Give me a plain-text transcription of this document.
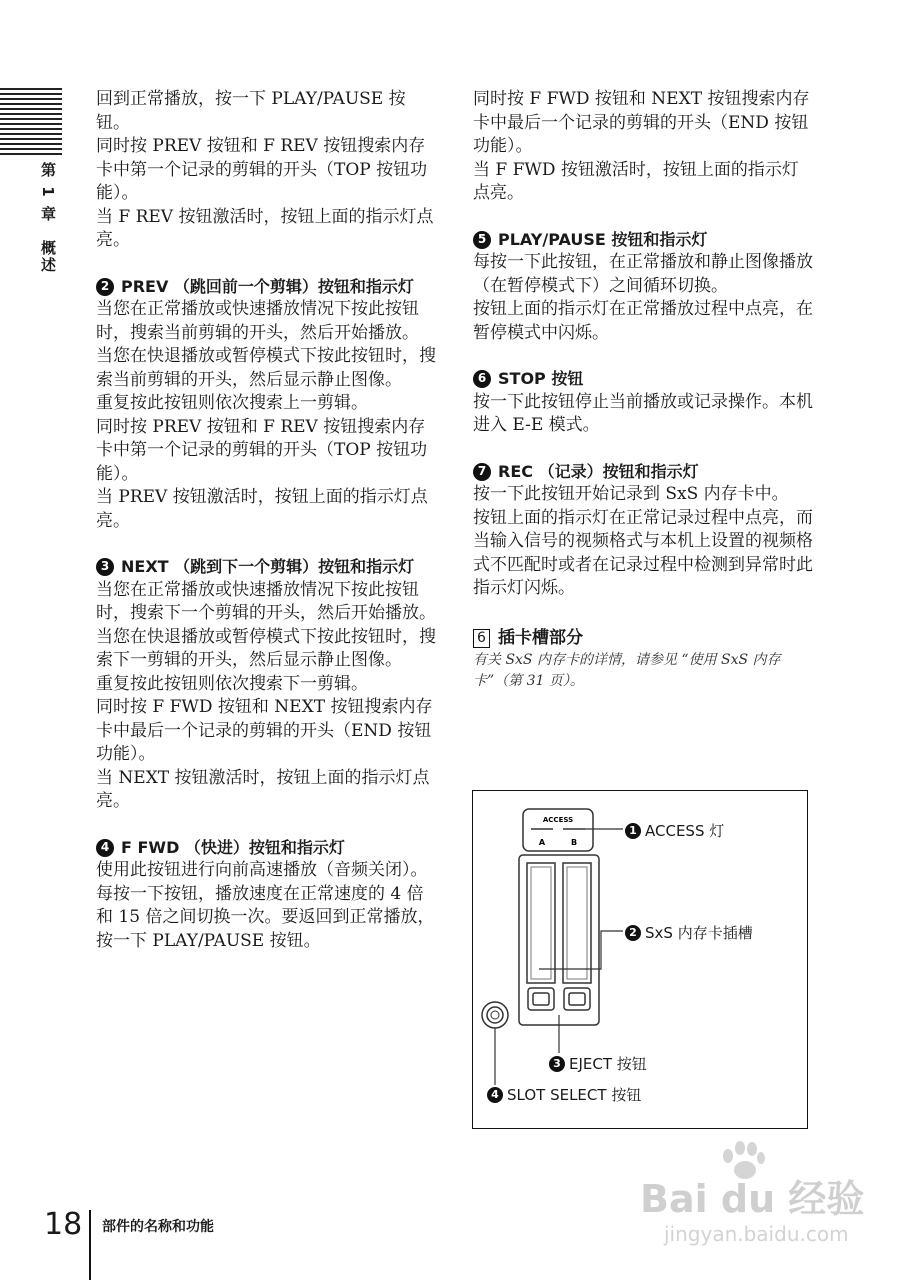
第 1 章　概述

回到正常播放，按一下 PLAY/PAUSE 按钮。

同时按 PREV 按钮和 F REV 按钮搜索内存卡中第一个记录的剪辑的开头（TOP 按钮功能）。

当 F REV 按钮激活时，按钮上面的指示灯点亮。

2 PREV （跳回前一个剪辑）按钮和指示灯

当您在正常播放或快速播放情况下按此按钮时，搜索当前剪辑的开头，然后开始播放。

当您在快退播放或暂停模式下按此按钮时，搜索当前剪辑的开头，然后显示静止图像。

重复按此按钮则依次搜索上一剪辑。

同时按 PREV 按钮和 F REV 按钮搜索内存卡中第一个记录的剪辑的开头（TOP 按钮功能）。

当 PREV 按钮激活时，按钮上面的指示灯点亮。

3 NEXT （跳到下一个剪辑）按钮和指示灯

当您在正常播放或快速播放情况下按此按钮时，搜索下一个剪辑的开头，然后开始播放。

当您在快退播放或暂停模式下按此按钮时，搜索下一剪辑的开头，然后显示静止图像。

重复按此按钮则依次搜索下一剪辑。

同时按 F FWD 按钮和 NEXT 按钮搜索内存卡中最后一个记录的剪辑的开头（END 按钮功能）。

当 NEXT 按钮激活时，按钮上面的指示灯点亮。

4 F FWD （快进）按钮和指示灯

使用此按钮进行向前高速播放（音频关闭）。每按一下按钮，播放速度在正常速度的 4 倍和 15 倍之间切换一次。要返回到正常播放，按一下 PLAY/PAUSE 按钮。

同时按 F FWD 按钮和 NEXT 按钮搜索内存卡中最后一个记录的剪辑的开头（END 按钮功能）。

当 F FWD 按钮激活时，按钮上面的指示灯点亮。

5 PLAY/PAUSE 按钮和指示灯

每按一下此按钮，在正常播放和静止图像播放（在暂停模式下）之间循环切换。

按钮上面的指示灯在正常播放过程中点亮，在暂停模式中闪烁。

6 STOP 按钮

按一下此按钮停止当前播放或记录操作。本机进入 E-E 模式。

7 REC （记录）按钮和指示灯

按一下此按钮开始记录到 SxS 内存卡中。

按钮上面的指示灯在正常记录过程中点亮，而当输入信号的视频格式与本机上设置的视频格式不匹配时或者在记录过程中检测到异常时此指示灯闪烁。

6 插卡槽部分

有关 SxS 内存卡的详情，请参见 “使用 SxS 内存卡”（第 31 页）。

ACCESS
A	B
1 ACCESS 灯
2 SxS 内存卡插槽
3 EJECT 按钮
4 SLOT SELECT 按钮
18 部件的名称和功能
Bai du 经验
jingyan.baidu.com
